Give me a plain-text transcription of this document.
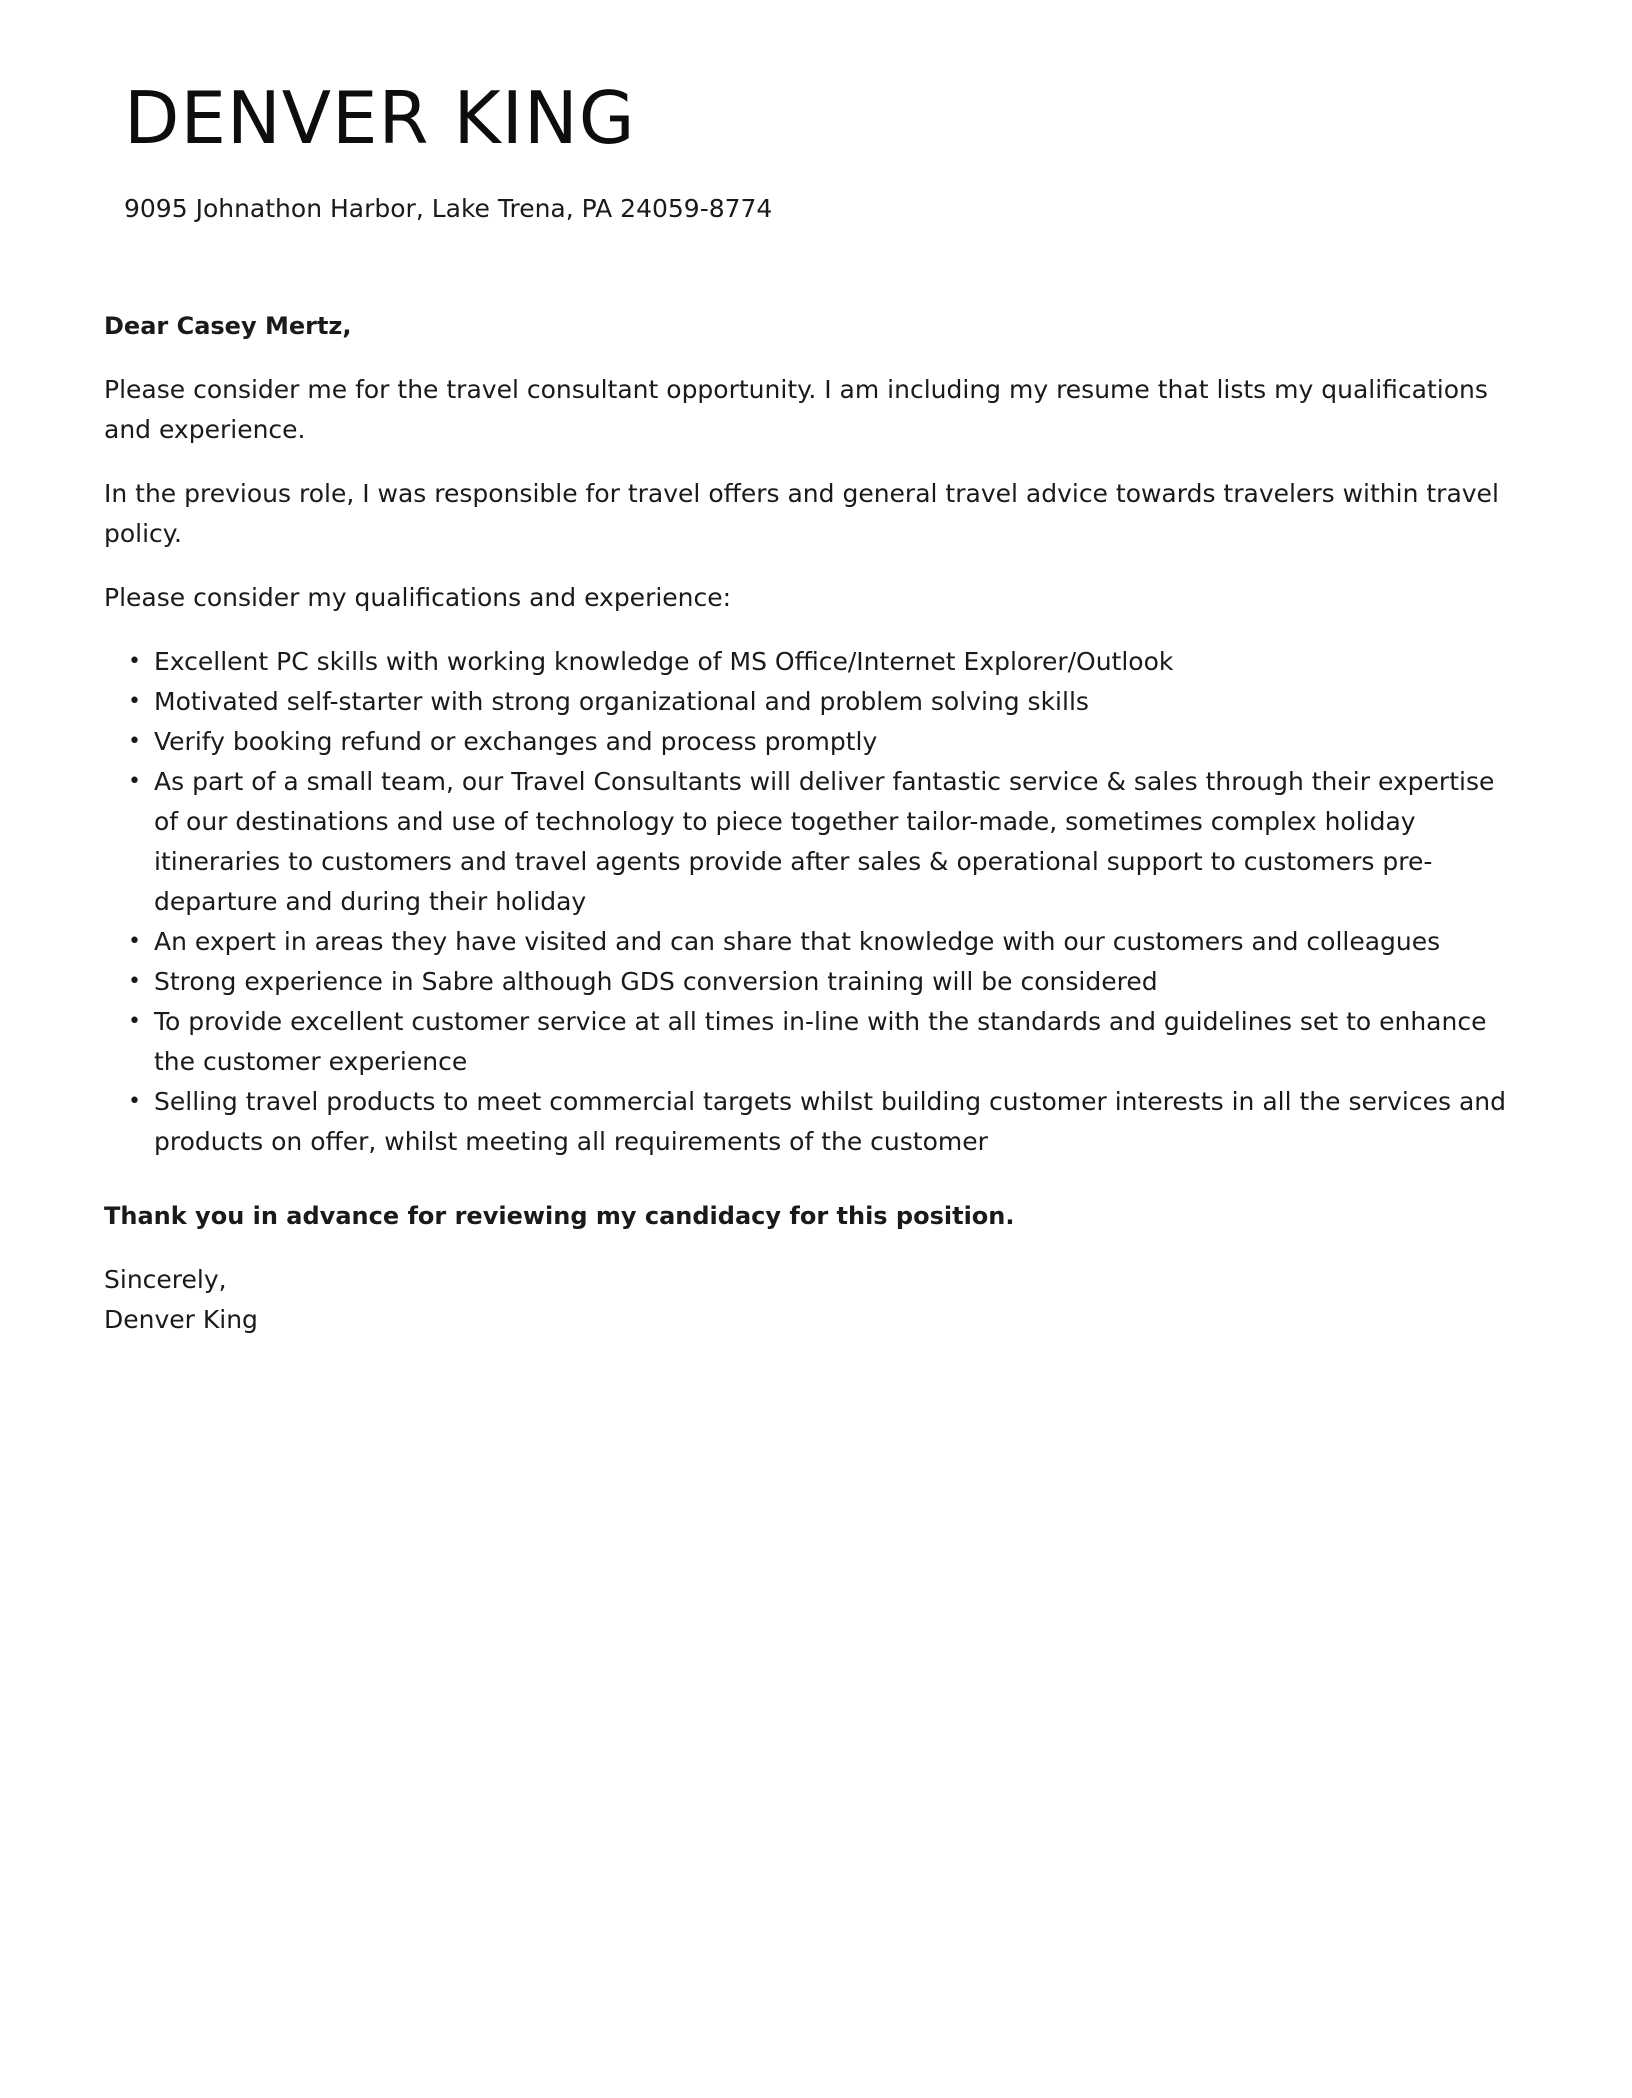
DENVER KING

9095 Johnathon Harbor, Lake Trena, PA 24059-8774

Dear Casey Mertz,

Please consider me for the travel consultant opportunity. I am including my resume that lists my qualifications and experience.

In the previous role, I was responsible for travel offers and general travel advice towards travelers within travel policy.

Please consider my qualifications and experience:

• Excellent PC skills with working knowledge of MS Office/Internet Explorer/Outlook
• Motivated self-starter with strong organizational and problem solving skills
• Verify booking refund or exchanges and process promptly
• As part of a small team, our Travel Consultants will deliver fantastic service & sales through their expertise of our destinations and use of technology to piece together tailor-made, sometimes complex holiday itineraries to customers and travel agents provide after sales & operational support to customers pre-departure and during their holiday
• An expert in areas they have visited and can share that knowledge with our customers and colleagues
• Strong experience in Sabre although GDS conversion training will be considered
• To provide excellent customer service at all times in-line with the standards and guidelines set to enhance the customer experience
• Selling travel products to meet commercial targets whilst building customer interests in all the services and products on offer, whilst meeting all requirements of the customer

Thank you in advance for reviewing my candidacy for this position.

Sincerely,

Denver King
